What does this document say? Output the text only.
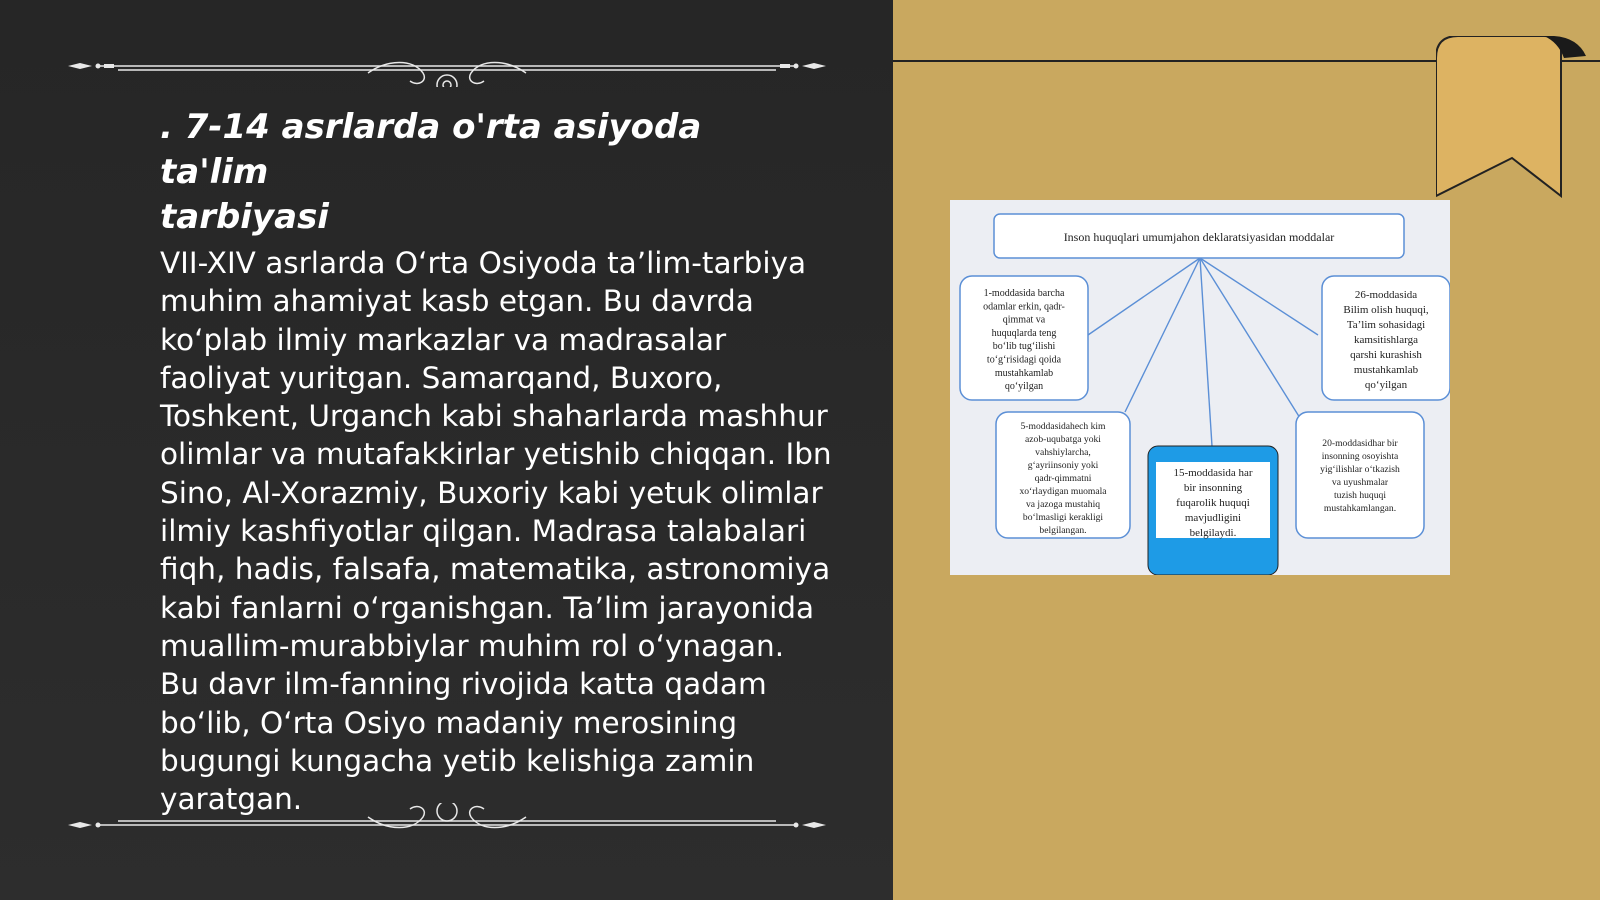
. 7-14 asrlarda o'rta asiyoda ta'lim
tarbiyasi

VII-XIV asrlarda O‘rta Osiyoda ta’lim-tarbiya muhim ahamiyat kasb etgan. Bu davrda ko‘plab ilmiy markazlar va madrasalar faoliyat yuritgan. Samarqand, Buxoro, Toshkent, Urganch kabi shaharlarda mashhur olimlar va mutafakkirlar yetishib chiqqan. Ibn Sino, Al-Xorazmiy, Buxoriy kabi yetuk olimlar ilmiy kashfiyotlar qilgan. Madrasa talabalari fiqh, hadis, falsafa, matematika, astronomiya kabi fanlarni o‘rganishgan. Ta’lim jarayonida muallim-murabbiylar muhim rol o‘ynagan. Bu davr ilm-fanning rivojida katta qadam bo‘lib, O‘rta Osiyo madaniy merosining bugungi kungacha yetib kelishiga zamin yaratgan.

Inson huquqlari umumjahon deklaratsiyasidan moddalar
1-moddasida barcha odamlar erkin, qadr-qimmat va huquqlarda teng bo‘lib tug‘ilishi to‘g‘risidagi qoida mustahkamlab qo‘yilgan
26-moddasida Bilim olish huquqi, Ta’lim sohasidagi kamsitishlarga qarshi kurashish mustahkamlab qo‘yilgan
5-moddasidahech kim azob-uqubatga yoki vahshiylarcha, g‘ayriinsoniy yoki qadr-qimmatni xo‘rlaydigan muomala va jazoga mustahiq bo‘lmasligi kerakligi belgilangan.
15-moddasida har bir insonning fuqarolik huquqi mavjudligini belgilaydi.
20-moddasidhar bir insonning osoyishta yig‘ilishlar o‘tkazish va uyushmalar tuzish huquqi mustahkamlangan.
